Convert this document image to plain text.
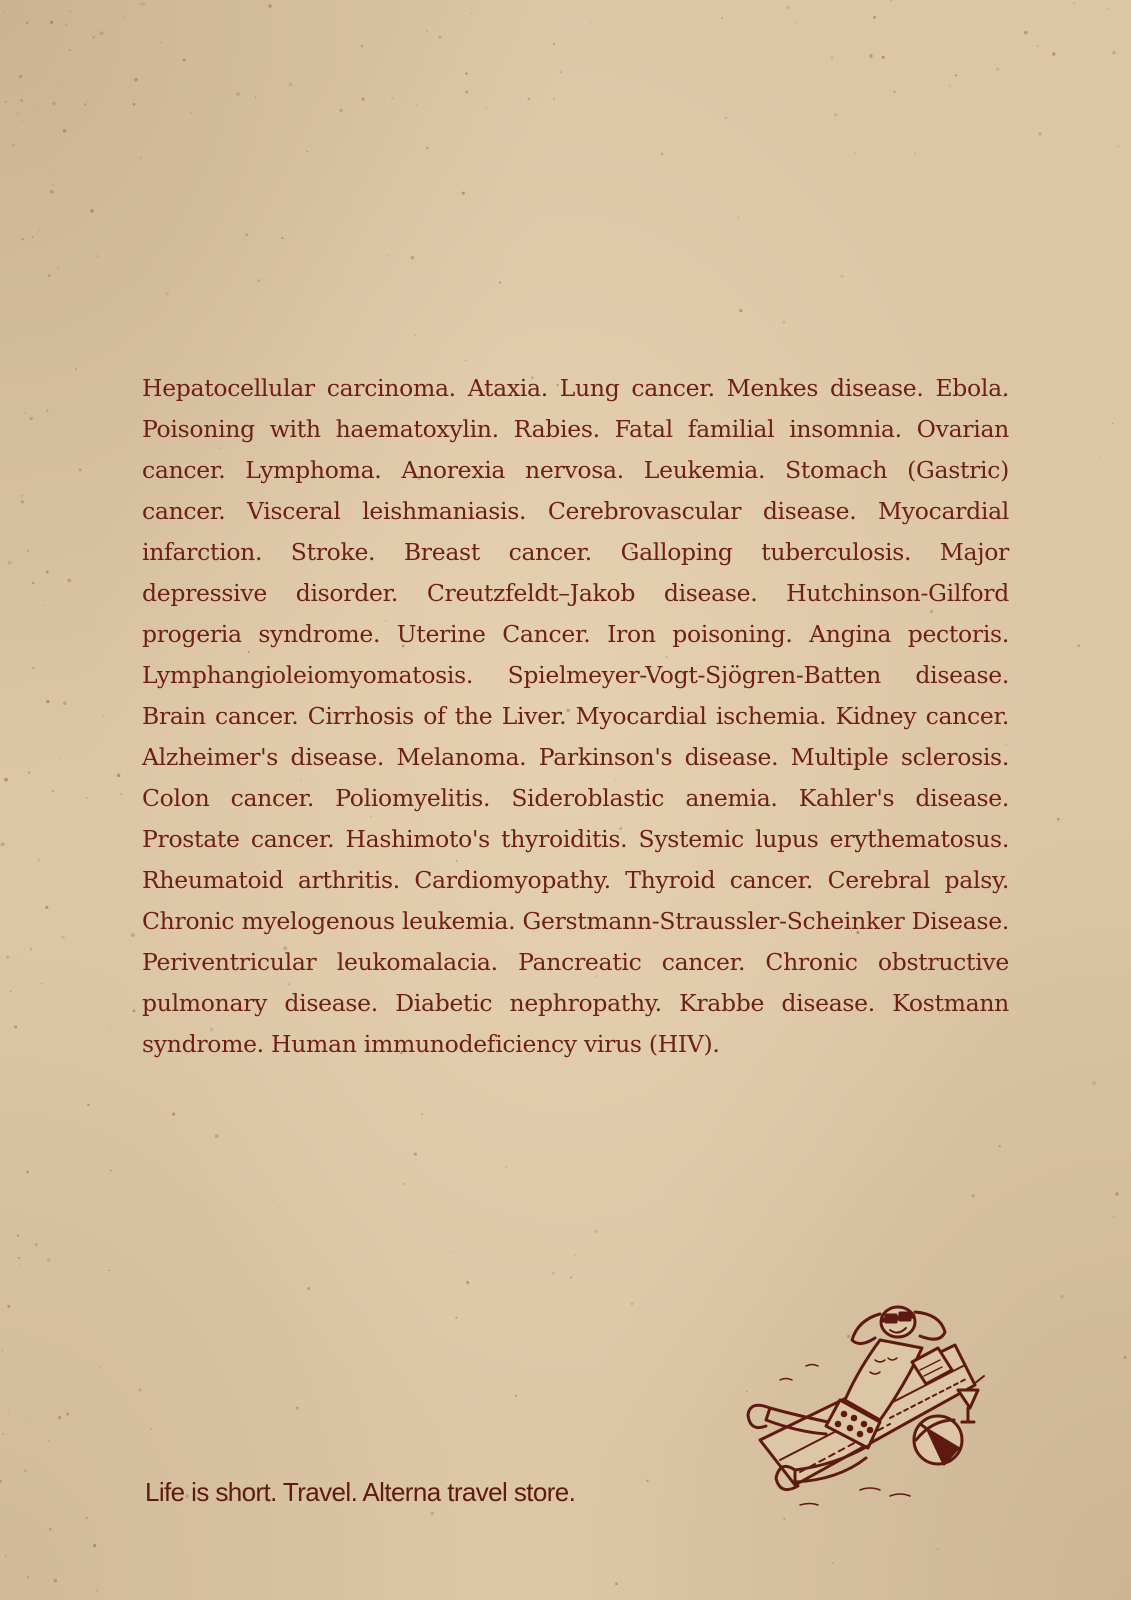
Hepatocellular carcinoma. Ataxia. Lung cancer. Menkes disease. Ebola. Poisoning with haematoxylin. Rabies. Fatal familial insomnia. Ovarian cancer. Lymphoma. Anorexia nervosa. Leukemia. Stomach (Gastric) cancer. Visceral leishmaniasis. Cerebrovascular disease. Myocardial infarction. Stroke. Breast cancer. Galloping tuberculosis. Major depressive disorder. Creutzfeldt–Jakob disease. Hutchinson-Gilford progeria syndrome. Uterine Cancer. Iron poisoning. Angina pectoris. Lymphangioleiomyomatosis. Spielmeyer-Vogt-Sjögren-Batten disease. Brain cancer. Cirrhosis of the Liver. Myocardial ischemia. Kidney cancer. Alzheimer's disease. Melanoma. Parkinson's disease. Multiple sclerosis. Colon cancer. Poliomyelitis. Sideroblastic anemia. Kahler's disease. Prostate cancer. Hashimoto's thyroiditis. Systemic lupus erythematosus. Rheumatoid arthritis. Cardiomyopathy. Thyroid cancer. Cerebral palsy. Chronic myelogenous leukemia. Gerstmann-Straussler-Scheinker Disease. Periventricular leukomalacia. Pancreatic cancer. Chronic obstructive pulmonary disease. Diabetic nephropathy. Krabbe disease. Kostmann syndrome. Human immunodeficiency virus (HIV).
Life is short. Travel. Alterna travel store.
